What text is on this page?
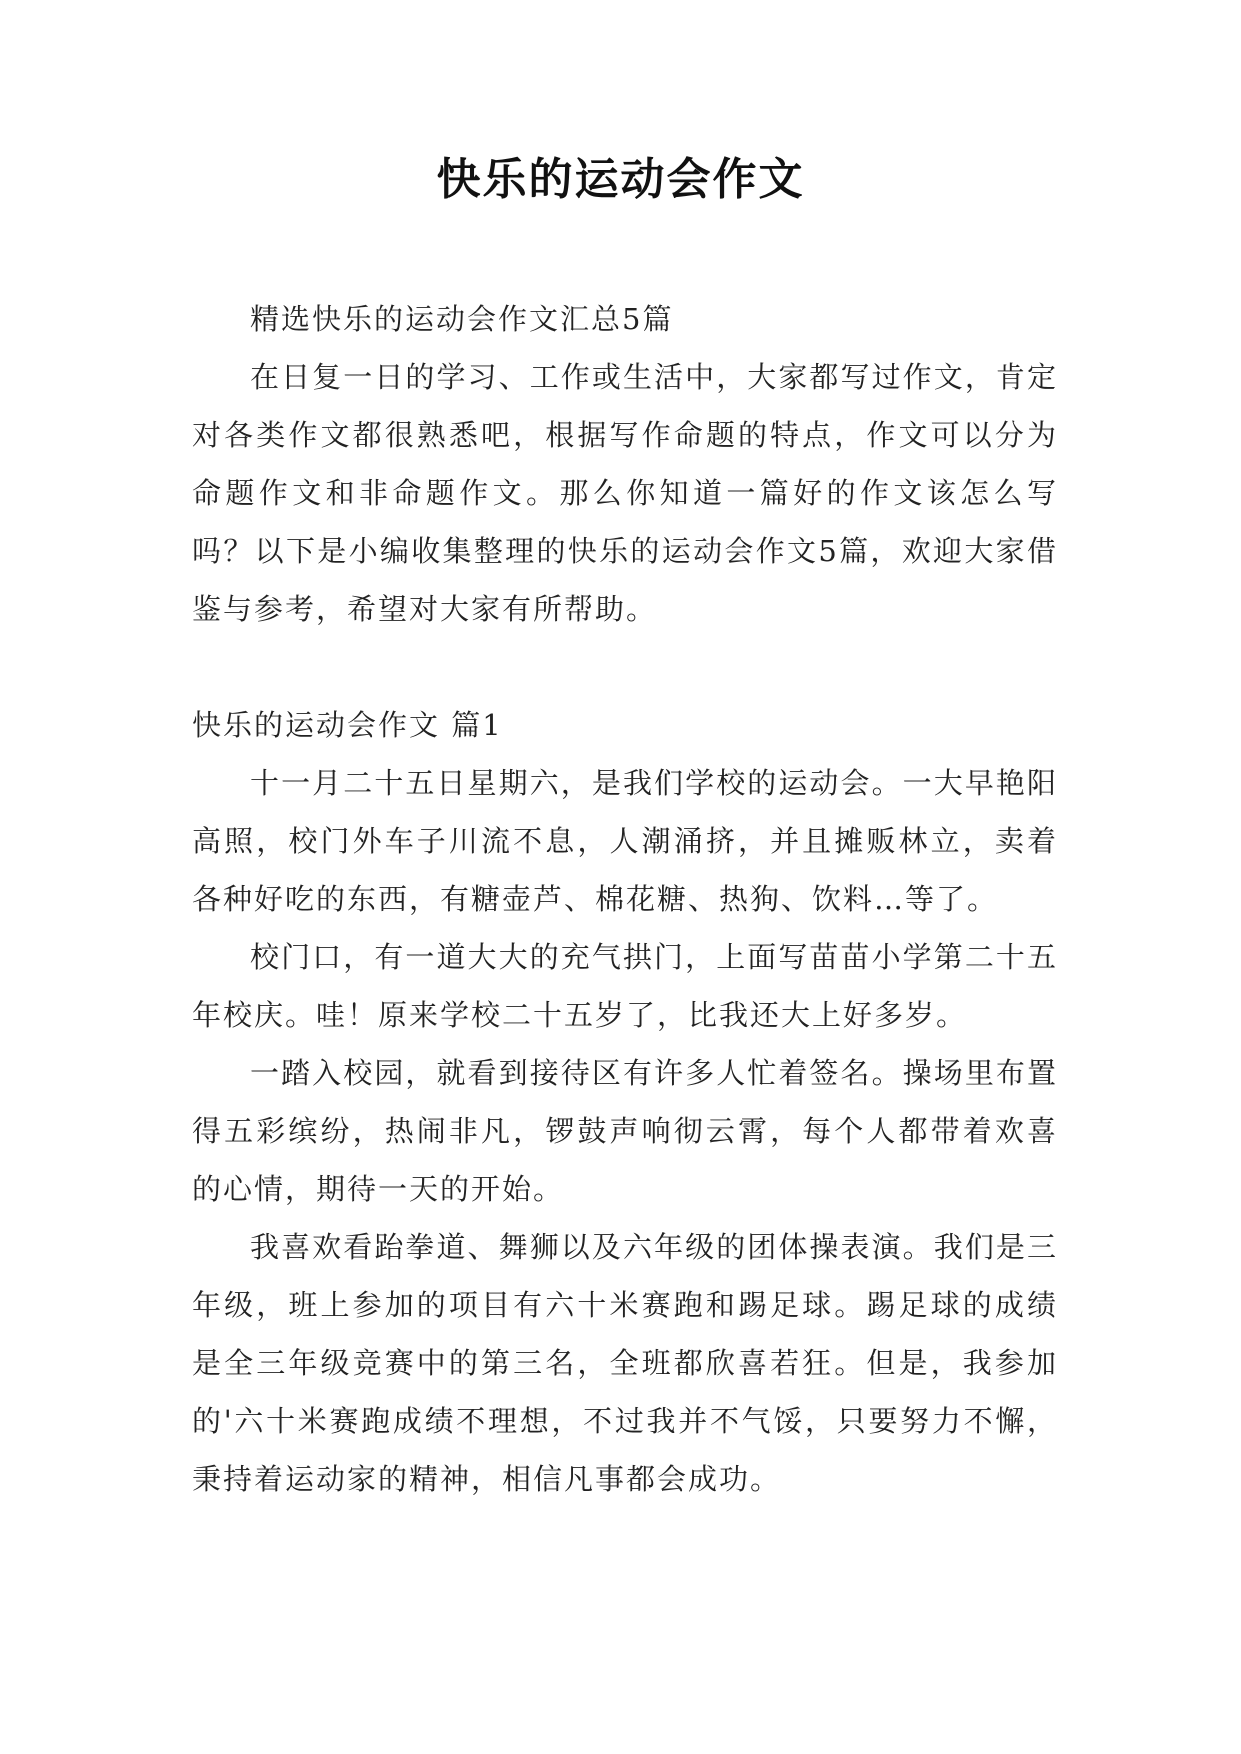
快乐的运动会作文

精选快乐的运动会作文汇总5篇

在日复一日的学习、工作或生活中，大家都写过作文，肯定对各类作文都很熟悉吧，根据写作命题的特点，作文可以分为命题作文和非命题作文。那么你知道一篇好的作文该怎么写吗？以下是小编收集整理的快乐的运动会作文5篇，欢迎大家借鉴与参考，希望对大家有所帮助。

快乐的运动会作文 篇1

十一月二十五日星期六，是我们学校的运动会。一大早艳阳高照，校门外车子川流不息，人潮涌挤，并且摊贩林立，卖着各种好吃的东西，有糖壶芦、棉花糖、热狗、饮料…等了。

校门口，有一道大大的充气拱门，上面写苗苗小学第二十五年校庆。哇！原来学校二十五岁了，比我还大上好多岁。

一踏入校园，就看到接待区有许多人忙着签名。操场里布置得五彩缤纷，热闹非凡，锣鼓声响彻云霄，每个人都带着欢喜的心情，期待一天的开始。

我喜欢看跆拳道、舞狮以及六年级的团体操表演。我们是三年级，班上参加的项目有六十米赛跑和踢足球。踢足球的成绩是全三年级竞赛中的第三名，全班都欣喜若狂。但是，我参加的'六十米赛跑成绩不理想，不过我并不气馁，只要努力不懈，秉持着运动家的精神，相信凡事都会成功。
